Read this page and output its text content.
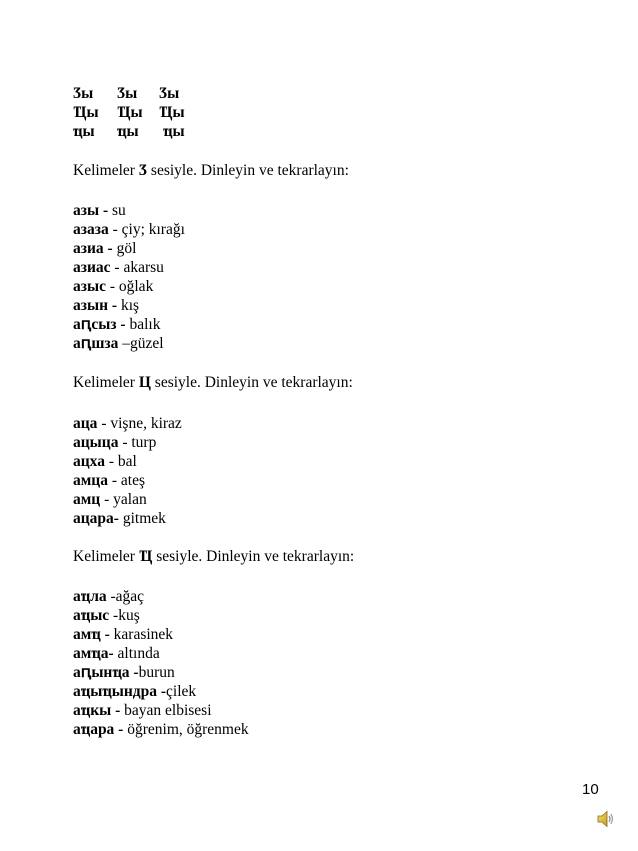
Ӡы Ӡы Ӡы
Ҵы Ҵы Ҵы
ҵы ҵы ҵы
Kelimeler Ӡ sesiyle. Dinleyin ve tekrarlayın:
азы - su
азаза - çiy; kırağı
азиа - göl
азиас - akarsu
азыс - oğlak
азын - kış
аԥсыз - balık
аԥшза –güzel
Kelimeler Ц sesiyle. Dinleyin ve tekrarlayın:
аца - vişne, kiraz
ацыца - turp
ацха - bal
амца - ateş
амц - yalan
ацара- gitmek
Kelimeler Ҵ sesiyle. Dinleyin ve tekrarlayın:
аҵла -ağaç
аҵыс -kuş
амҵ - karasinek
амҵа- altında
аԥынҵа -burun
аҵыҵындра -çilek
аҵкы - bayan elbisesi
аҵара - öğrenim, öğrenmek
10
